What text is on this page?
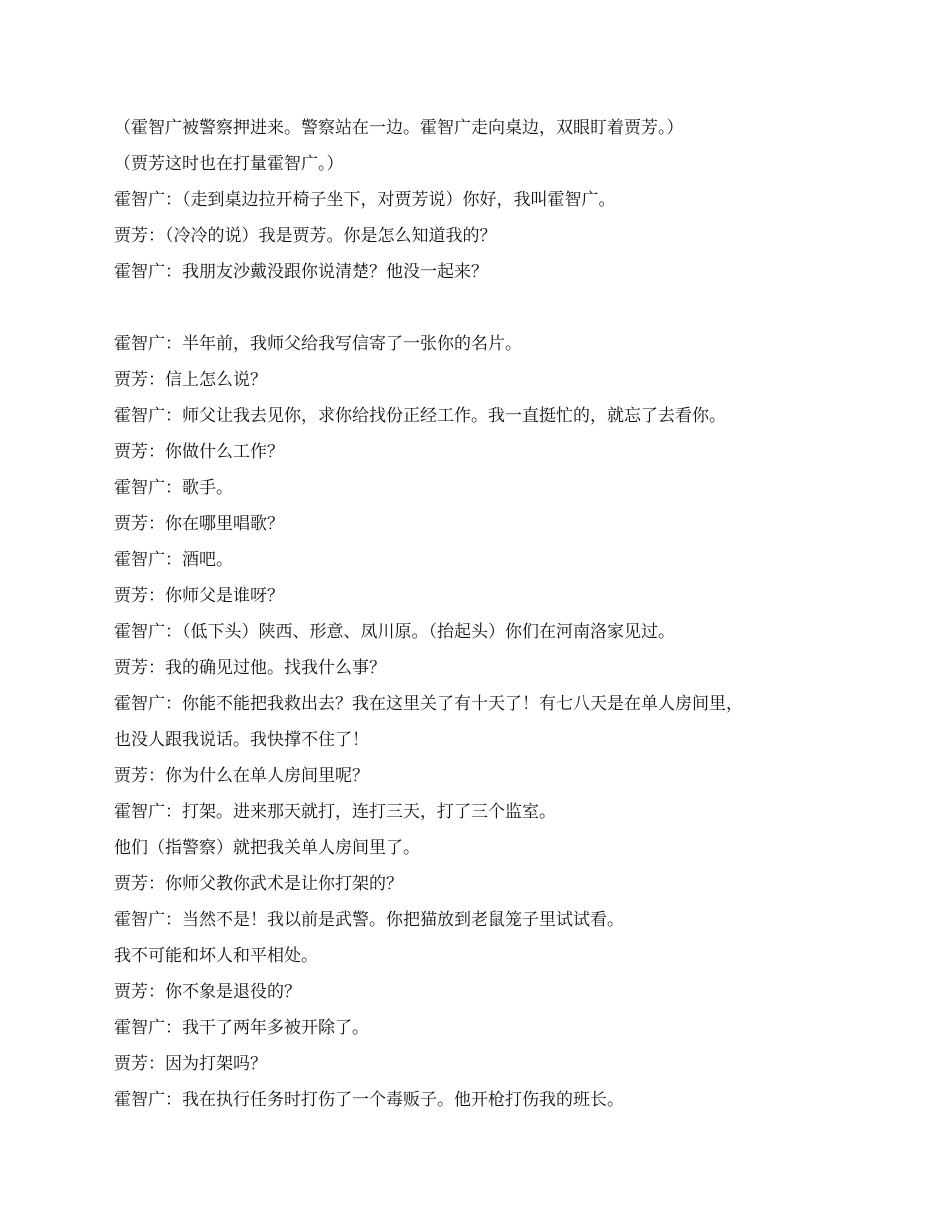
（霍智广被警察押进来。警察站在一边。霍智广走向桌边，双眼盯着贾芳。）
（贾芳这时也在打量霍智广。）
霍智广：（走到桌边拉开椅子坐下，对贾芳说）你好，我叫霍智广。
贾芳：（冷冷的说）我是贾芳。你是怎么知道我的？
霍智广：我朋友沙戴没跟你说清楚？他没一起来？
霍智广：半年前，我师父给我写信寄了一张你的名片。
贾芳：信上怎么说？
霍智广：师父让我去见你，求你给找份正经工作。我一直挺忙的，就忘了去看你。
贾芳：你做什么工作？
霍智广：歌手。
贾芳：你在哪里唱歌？
霍智广：酒吧。
贾芳：你师父是谁呀？
霍智广：（低下头）陕西、形意、凤川原。（抬起头）你们在河南洛家见过。
贾芳：我的确见过他。找我什么事？
霍智广：你能不能把我救出去？我在这里关了有十天了！有七八天是在单人房间里，
也没人跟我说话。我快撑不住了！
贾芳：你为什么在单人房间里呢？
霍智广：打架。进来那天就打，连打三天，打了三个监室。
他们（指警察）就把我关单人房间里了。
贾芳：你师父教你武术是让你打架的？
霍智广：当然不是！我以前是武警。你把猫放到老鼠笼子里试试看。
我不可能和坏人和平相处。
贾芳：你不象是退役的？
霍智广：我干了两年多被开除了。
贾芳：因为打架吗？
霍智广：我在执行任务时打伤了一个毒贩子。他开枪打伤我的班长。
